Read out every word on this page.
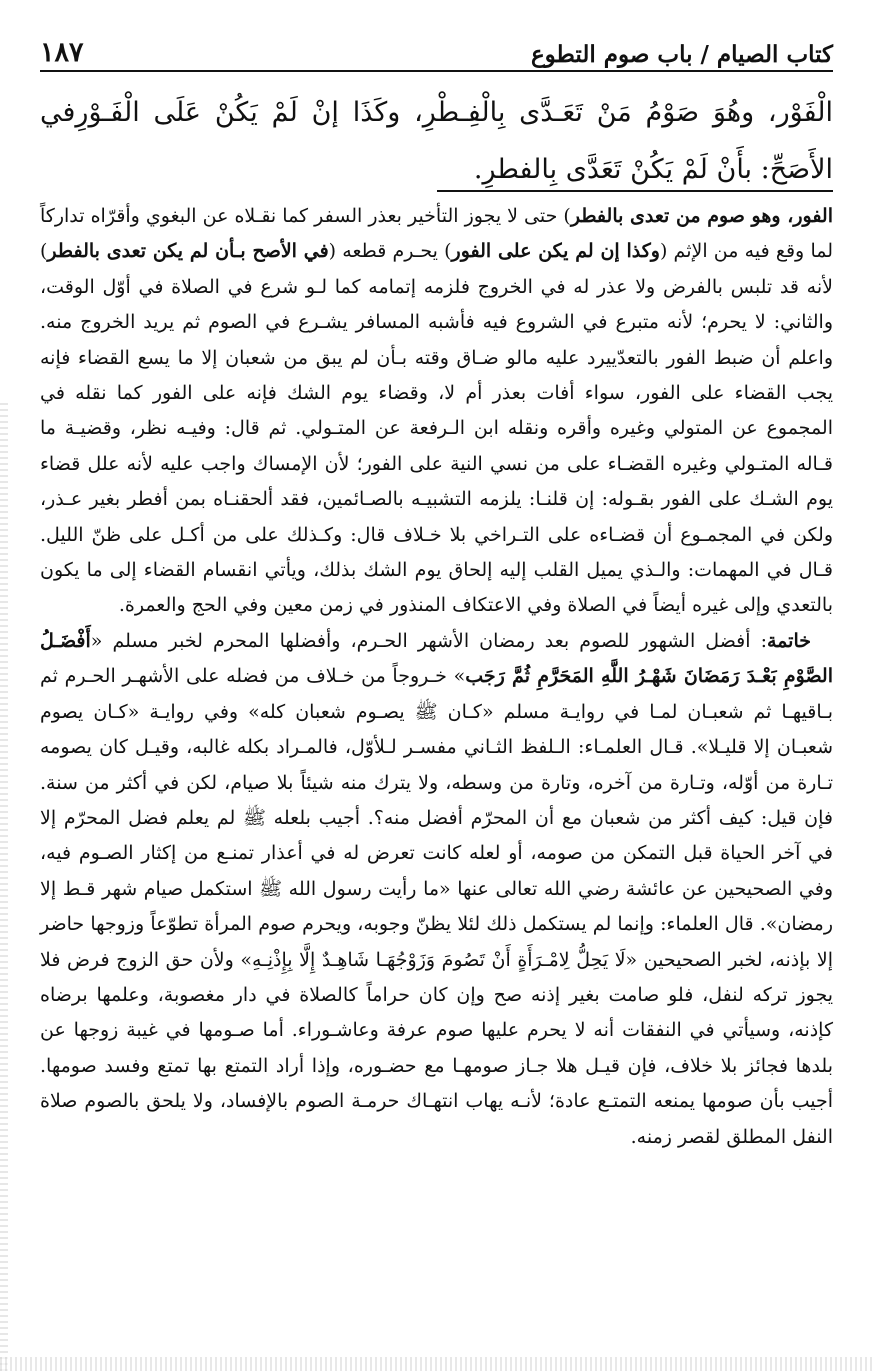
كتاب الصيام / باب صوم التطوع
١٨٧
الْفَوْر، وهُوَ صَوْمُ مَنْ تَعَـدَّى بِالْفِـطْرِ، وكَذَا إنْ لَمْ يَكُنْ عَلَى الْفَـوْرِفي الأَصَحِّ: بأَنْ لَمْ يَكُنْ تَعَدَّى بِالفطرِ.

الفور، وهو صوم من تعدى بالفطر) حتى لا يجوز التأخير بعذر السفر كما نقـلاه عن البغوي وأقرّاه تداركاً لما وقع فيه من الإثم (وكذا إن لم يكن على الفور) يحـرم قطعه (في الأصح بـأن لم يكن تعدى بالفطر) لأنه قد تلبس بالفرض ولا عذر له في الخروج فلزمه إتمامه كما لـو شرع في الصلاة في أوّل الوقت، والثاني: لا يحرم؛ لأنه متبرع في الشروع فيه فأشبه المسافر يشـرع في الصوم ثم يريد الخروج منه. واعلم أن ضبط الفور بالتعدّييرد عليه مالو ضـاق وقته بـأن لم يبق من شعبان إلا ما يسع القضاء فإنه يجب القضاء على الفور، سواء أفات بعذر أم لا، وقضاء يوم الشك فإنه على الفور كما نقله في المجموع عن المتولي وغيره وأقره ونقله ابن الـرفعة عن المتـولي. ثم قال: وفيـه نظر، وقضيـة ما قـاله المتـولي وغيره القضـاء على من نسي النية على الفور؛ لأن الإمساك واجب عليه لأنه علل قضاء يوم الشـك على الفور بقـوله: إن قلنـا: يلزمه التشبيـه بالصـائمين، فقد ألحقنـاه بمن أفطر بغير عـذر، ولكن في المجمـوع أن قضـاءه على التـراخي بلا خـلاف قال: وكـذلك على من أكـل على ظنّ الليل. قـال في المهمات: والـذي يميل القلب إليه إلحاق يوم الشك بذلك، ويأتي انقسام القضاء إلى ما يكون بالتعدي وإلى غيره أيضاً في الصلاة وفي الاعتكاف المنذور في زمن معين وفي الحج والعمرة.

خاتمة: أفضل الشهور للصوم بعد رمضان الأشهر الحـرم، وأفضلها المحرم لخبر مسلم «أَفْضَـلُ الصَّوْمِ بَعْـدَ رَمَضَانَ شَهْـرُ اللَّهِ المَحَرَّمِ ثُمَّ رَجَب» خـروجاً من خـلاف من فضله على الأشهـر الحـرم ثم بـاقيهـا ثم شعبـان لمـا في روايـة مسلم «كـان ﷺ يصـوم شعبان كله» وفي روايـة «كـان يصوم شعبـان إلا قليـلا». قـال العلمـاء: الـلفظ الثـاني مفسـر لـلأوّل، فالمـراد بكله غالبه، وقيـل كان يصومه تـارة من أوّله، وتـارة من آخره، وتارة من وسطه، ولا يترك منه شيئاً بلا صيام، لكن في أكثر من سنة. فإن قيل: كيف أكثر من شعبان مع أن المحرّم أفضل منه؟. أجيب بلعله ﷺ لم يعلم فضل المحرّم إلا في آخر الحياة قبل التمكن من صومه، أو لعله كانت تعرض له في أعذار تمنـع من إكثار الصـوم فيه، وفي الصحيحين عن عائشة رضي الله تعالى عنها «ما رأيت رسول الله ﷺ استكمل صيام شهر قـط إلا رمضان». قال العلماء: وإنما لم يستكمل ذلك لئلا يظنّ وجوبه، ويحرم صوم المرأة تطوّعاً وزوجها حاضر إلا بإذنه، لخبر الصحيحين «لَا يَحِلُّ لِامْـرَأَةٍ أَنْ تَصُومَ وَزَوْجُهَـا شَاهِـدٌ إِلَّا بِإِذْنِـهِ» ولأن حق الزوج فرض فلا يجوز تركه لنفل، فلو صامت بغير إذنه صح وإن كان حراماً كالصلاة في دار مغصوبة، وعلمها برضاه كإذنه، وسيأتي في النفقات أنه لا يحرم عليها صوم عرفة وعاشـوراء. أما صـومها في غيبة زوجها عن بلدها فجائز بلا خلاف، فإن قيـل هلا جـاز صومهـا مع حضـوره، وإذا أراد التمتع بها تمتع وفسد صومها. أجيب بأن صومها يمنعه التمتـع عادة؛ لأنـه يهاب انتهـاك حرمـة الصوم بالإفساد، ولا يلحق بالصوم صلاة النفل المطلق لقصر زمنه.
